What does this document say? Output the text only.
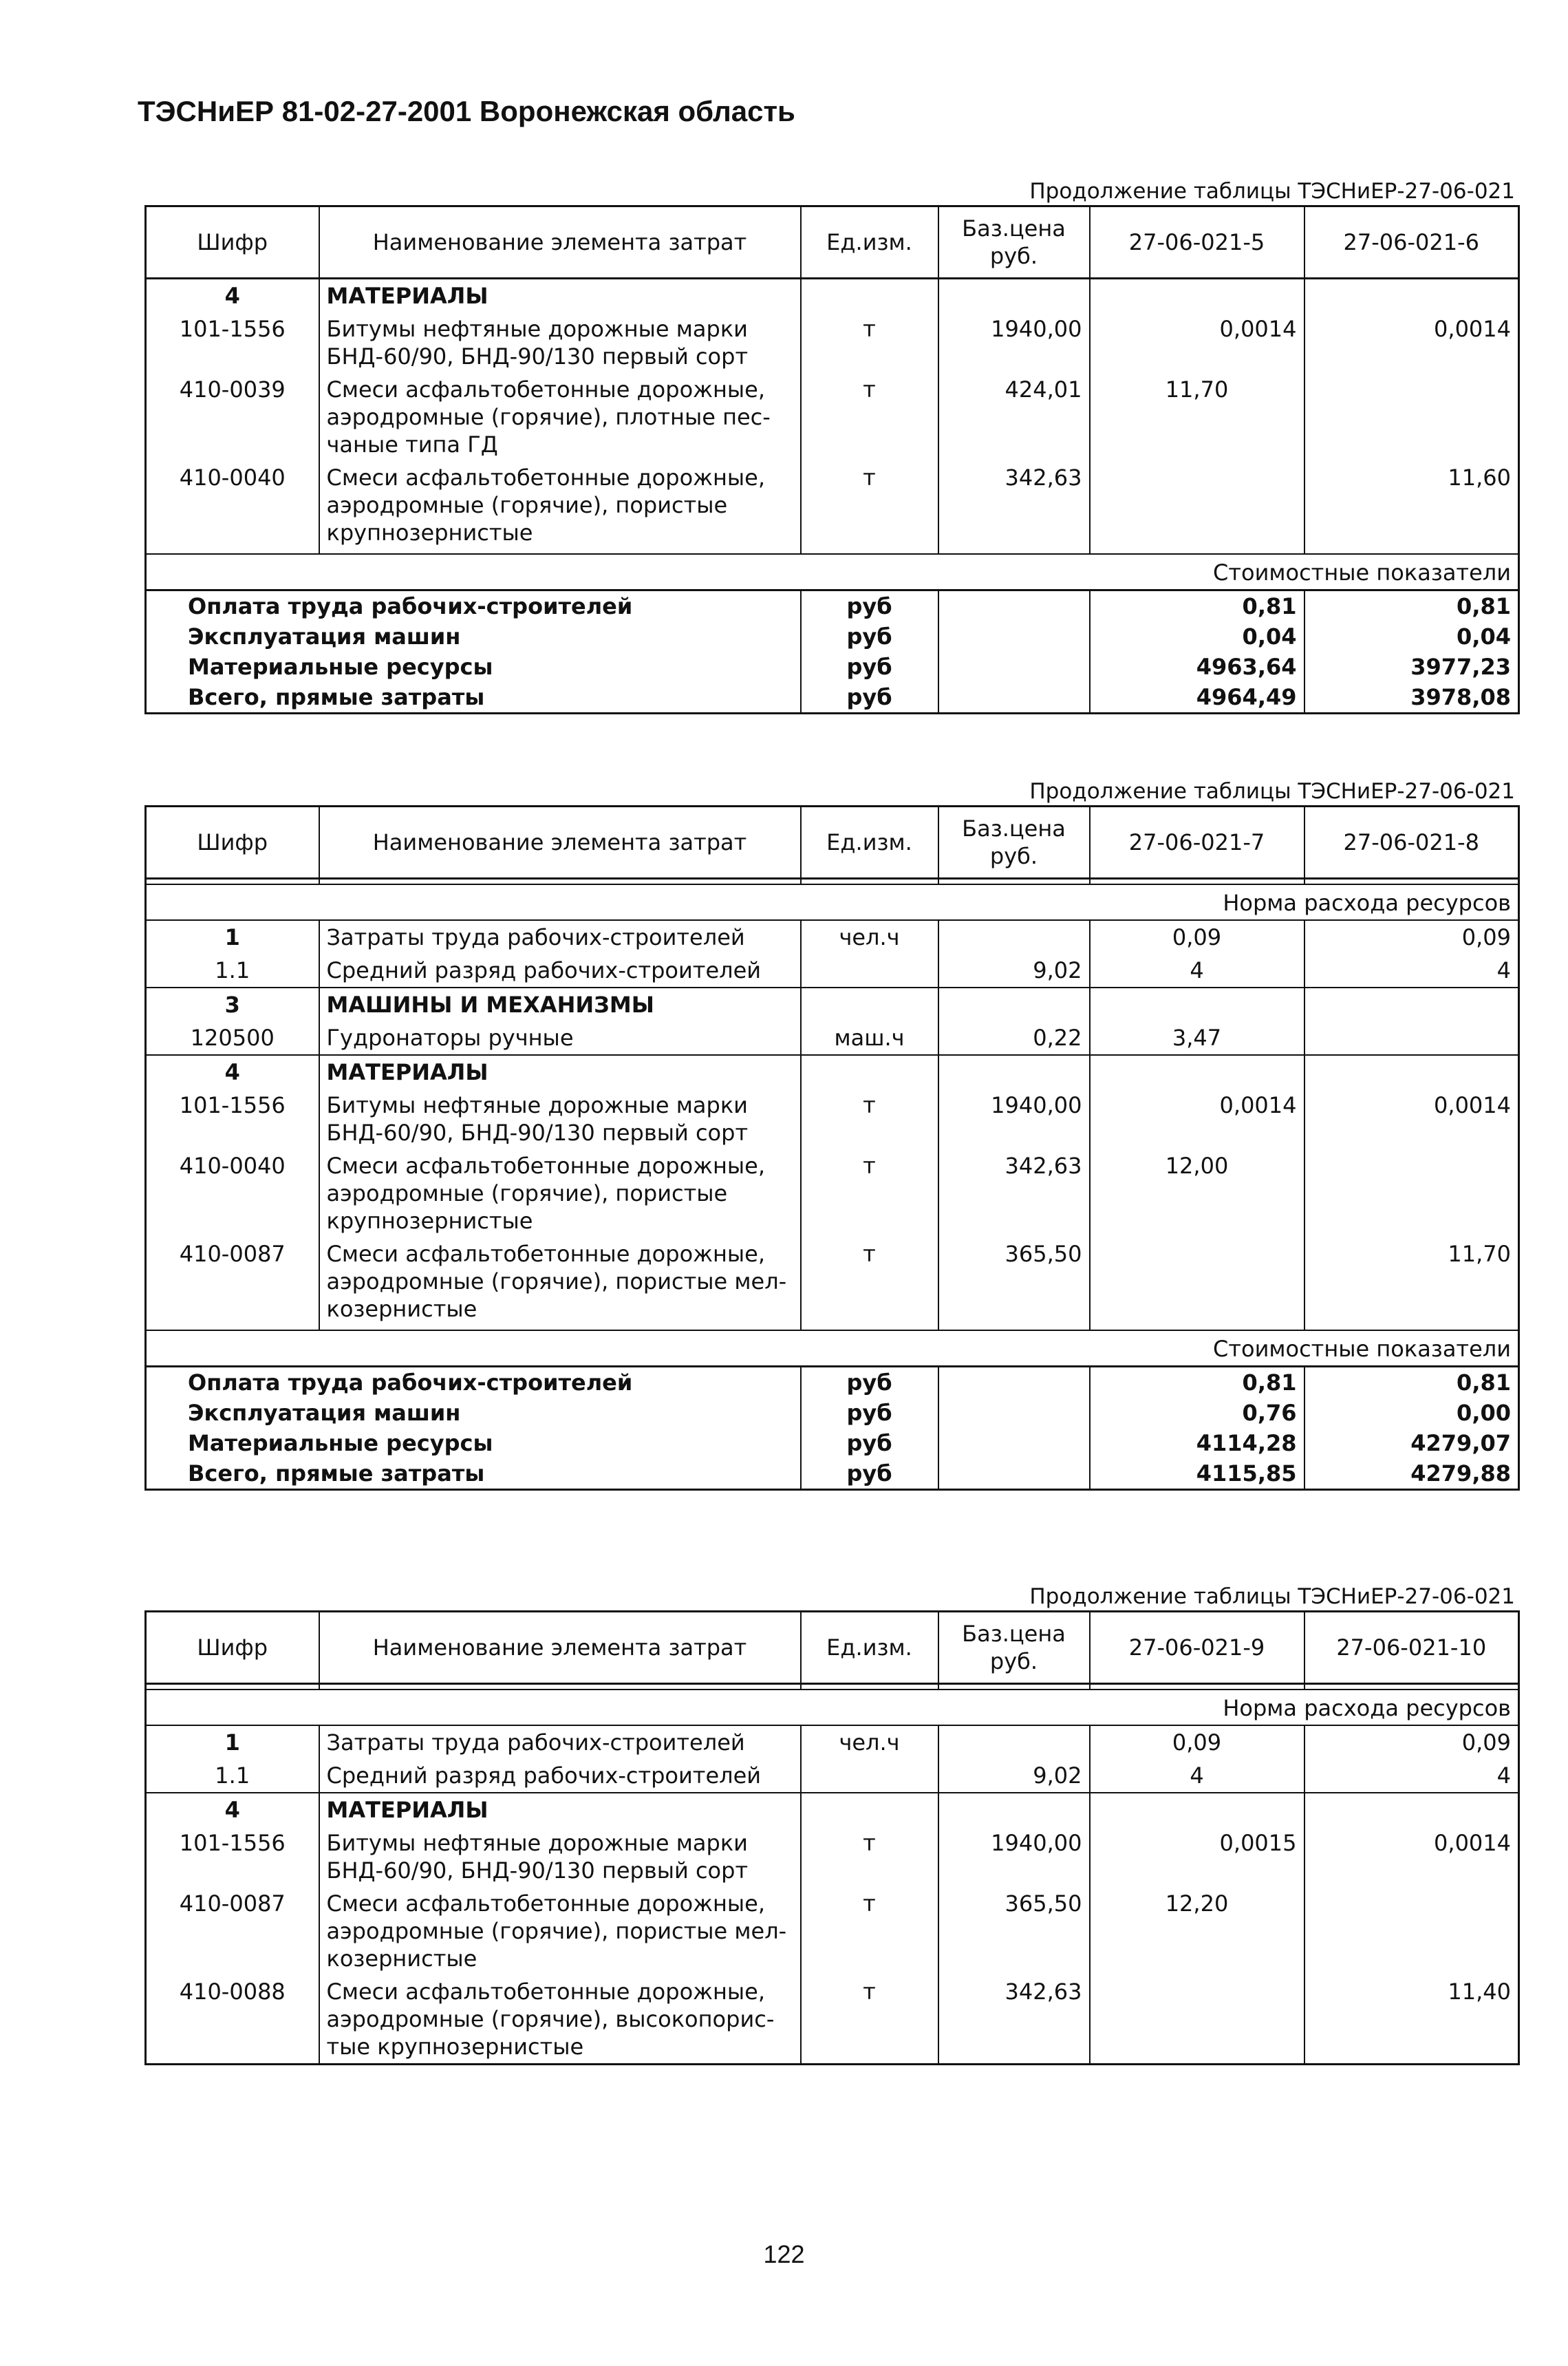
ТЭСНиЕР 81-02-27-2001 Воронежская область
Продолжение таблицы ТЭСНиЕР-27-06-021
Шифр	Наименование элемента затрат	Ед.изм.	Баз.цена руб.	27-06-021-5	27-06-021-6
4	МАТЕРИАЛЫ				
101-1556	Битумы нефтяные дорожные марки БНД-60/90, БНД-90/130 первый сорт	т	1940,00	0,0014	0,0014
410-0039	Смеси асфальтобетонные дорожные, аэродромные (горячие), плотные пес-чаные типа ГД	т	424,01	11,70	
410-0040	Смеси асфальтобетонные дорожные, аэродромные (горячие), пористые крупнозернистые	т	342,63		11,60

Стоимостные показатели					
Оплата труда рабочих-строителей		руб		0,81	0,81
Эксплуатация машин		руб		0,04	0,04
Материальные ресурсы		руб		4963,64	3977,23
Всего, прямые затраты		руб		4964,49	3978,08
Продолжение таблицы ТЭСНиЕР-27-06-021
Шифр	Наименование элемента затрат	Ед.изм.	Баз.цена руб.	27-06-021-7	27-06-021-8

Норма расхода ресурсов					
1	Затраты труда рабочих-строителей	чел.ч		0,09	0,09
1.1	Средний разряд рабочих-строителей		9,02	4	4
3	МАШИНЫ И МЕХАНИЗМЫ				
120500	Гудронаторы ручные	маш.ч	0,22	3,47	
4	МАТЕРИАЛЫ				
101-1556	Битумы нефтяные дорожные марки БНД-60/90, БНД-90/130 первый сорт	т	1940,00	0,0014	0,0014
410-0040	Смеси асфальтобетонные дорожные, аэродромные (горячие), пористые крупнозернистые	т	342,63	12,00	
410-0087	Смеси асфальтобетонные дорожные, аэродромные (горячие), пористые мел-козернистые	т	365,50		11,70

Стоимостные показатели					
Оплата труда рабочих-строителей		руб		0,81	0,81
Эксплуатация машин		руб		0,76	0,00
Материальные ресурсы		руб		4114,28	4279,07
Всего, прямые затраты		руб		4115,85	4279,88
Продолжение таблицы ТЭСНиЕР-27-06-021
Шифр	Наименование элемента затрат	Ед.изм.	Баз.цена руб.	27-06-021-9	27-06-021-10

Норма расхода ресурсов					
1	Затраты труда рабочих-строителей	чел.ч		0,09	0,09
1.1	Средний разряд рабочих-строителей		9,02	4	4
4	МАТЕРИАЛЫ				
101-1556	Битумы нефтяные дорожные марки БНД-60/90, БНД-90/130 первый сорт	т	1940,00	0,0015	0,0014
410-0087	Смеси асфальтобетонные дорожные, аэродромные (горячие), пористые мел-козернистые	т	365,50	12,20	
410-0088	Смеси асфальтобетонные дорожные, аэродромные (горячие), высокопорис-тые крупнозернистые	т	342,63		11,40
122
